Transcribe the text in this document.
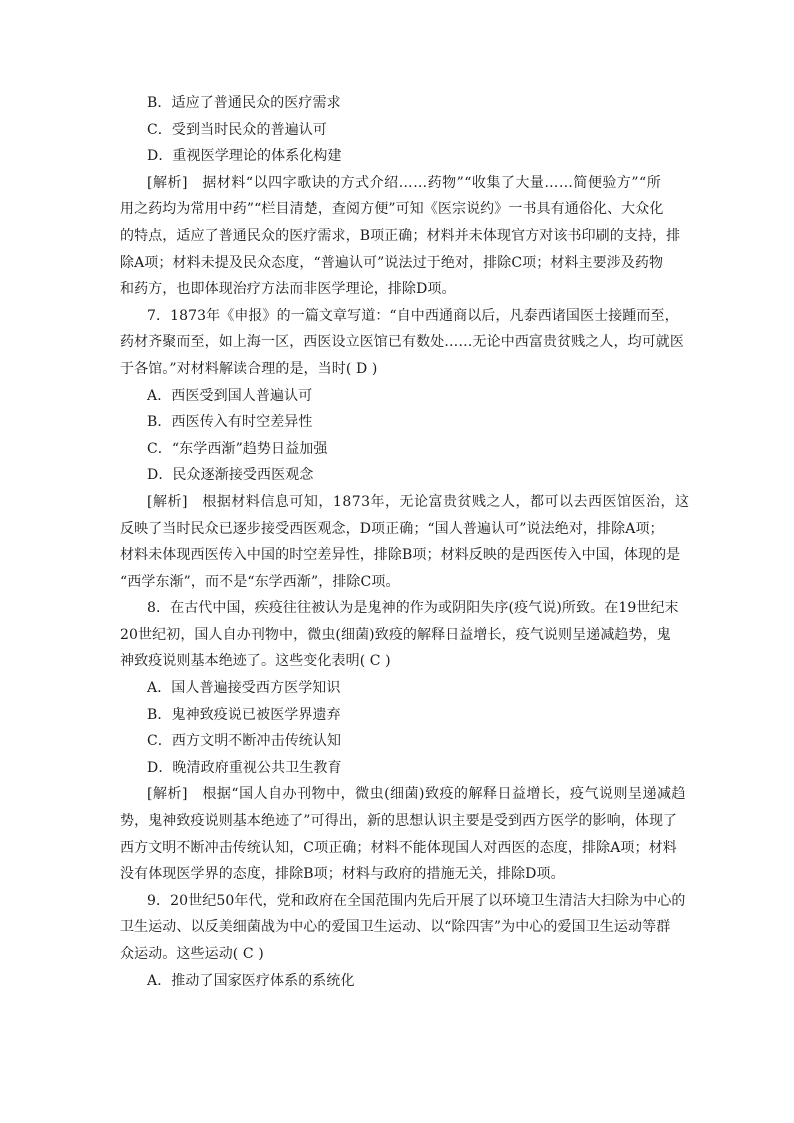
B．适应了普通民众的医疗需求
C．受到当时民众的普遍认可
D．重视医学理论的体系化构建
[解析]　据材料“以四字歌诀的方式介绍……药物”“收集了大量……简便验方”“所
用之药均为常用中药”“栏目清楚，查阅方便”可知《医宗说约》一书具有通俗化、大众化
的特点，适应了普通民众的医疗需求，B项正确；材料并未体现官方对该书印刷的支持，排
除A项；材料未提及民众态度，“普遍认可”说法过于绝对，排除C项；材料主要涉及药物
和药方，也即体现治疗方法而非医学理论，排除D项。
7．1873年《申报》的一篇文章写道：“自中西通商以后，凡泰西诸国医士接踵而至，
药材齐聚而至，如上海一区，西医设立医馆已有数处……无论中西富贵贫贱之人，均可就医
于各馆。”对材料解读合理的是，当时( D )
A．西医受到国人普遍认可
B．西医传入有时空差异性
C．“东学西渐”趋势日益加强
D．民众逐渐接受西医观念
[解析]　根据材料信息可知，1873年，无论富贵贫贱之人，都可以去西医馆医治，这
反映了当时民众已逐步接受西医观念，D项正确；“国人普遍认可”说法绝对，排除A项；
材料未体现西医传入中国的时空差异性，排除B项；材料反映的是西医传入中国，体现的是
“西学东渐”，而不是“东学西渐”，排除C项。
8．在古代中国，疾疫往往被认为是鬼神的作为或阴阳失序(疫气说)所致。在19世纪末
20世纪初，国人自办刊物中，微虫(细菌)致疫的解释日益增长，疫气说则呈递减趋势，鬼
神致疫说则基本绝迹了。这些变化表明( C )
A．国人普遍接受西方医学知识
B．鬼神致疫说已被医学界遗弃
C．西方文明不断冲击传统认知
D．晚清政府重视公共卫生教育
[解析]　根据“国人自办刊物中，微虫(细菌)致疫的解释日益增长，疫气说则呈递减趋
势，鬼神致疫说则基本绝迹了”可得出，新的思想认识主要是受到西方医学的影响，体现了
西方文明不断冲击传统认知，C项正确；材料不能体现国人对西医的态度，排除A项；材料
没有体现医学界的态度，排除B项；材料与政府的措施无关，排除D项。
9．20世纪50年代，党和政府在全国范围内先后开展了以环境卫生清洁大扫除为中心的
卫生运动、以反美细菌战为中心的爱国卫生运动、以“除四害”为中心的爱国卫生运动等群
众运动。这些运动( C )
A．推动了国家医疗体系的系统化
